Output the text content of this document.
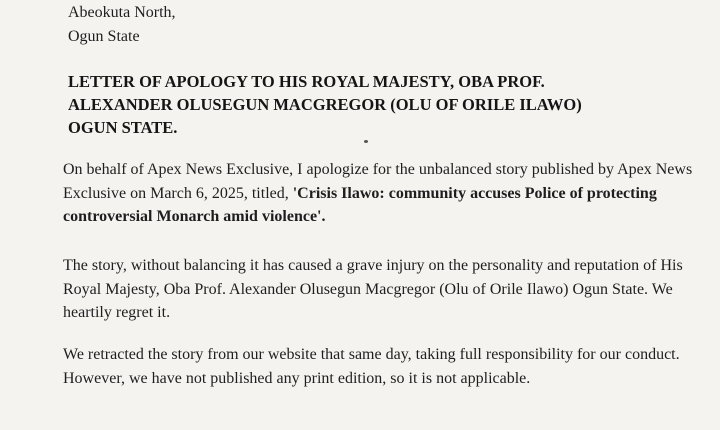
Abeokuta North,

Ogun State

LETTER OF APOLOGY TO HIS ROYAL MAJESTY, OBA PROF.

ALEXANDER OLUSEGUN MACGREGOR (OLU OF ORILE ILAWO)

OGUN STATE.

On behalf of Apex News Exclusive, I apologize for the unbalanced story published by Apex News Exclusive on March 6, 2025, titled, 'Crisis Ilawo: community accuses Police of protecting controversial Monarch amid violence'.

The story, without balancing it has caused a grave injury on the personality and reputation of His Royal Majesty, Oba Prof. Alexander Olusegun Macgregor (Olu of Orile Ilawo) Ogun State. We heartily regret it.

We retracted the story from our website that same day, taking full responsibility for our conduct. However, we have not published any print edition, so it is not applicable.
